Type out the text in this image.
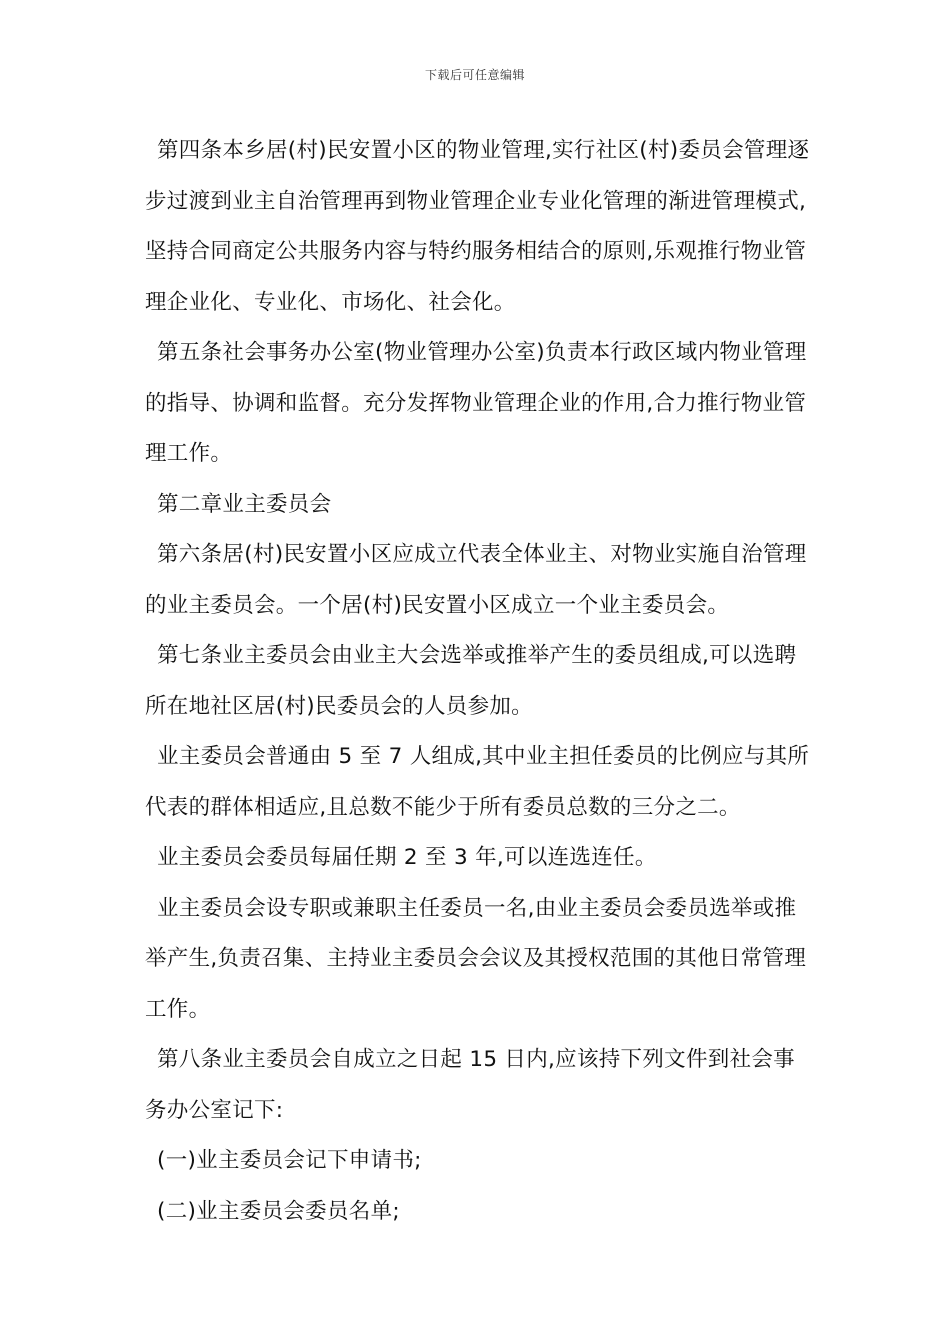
下载后可任意编辑

第四条本乡居(村)民安置小区的物业管理,实行社区(村)委员会管理逐步过渡到业主自治管理再到物业管理企业专业化管理的渐进管理模式,坚持合同商定公共服务内容与特约服务相结合的原则,乐观推行物业管理企业化、专业化、市场化、社会化。

第五条社会事务办公室(物业管理办公室)负责本行政区域内物业管理的指导、协调和监督。充分发挥物业管理企业的作用,合力推行物业管理工作。

第二章业主委员会

第六条居(村)民安置小区应成立代表全体业主、对物业实施自治管理的业主委员会。一个居(村)民安置小区成立一个业主委员会。

第七条业主委员会由业主大会选举或推举产生的委员组成,可以选聘所在地社区居(村)民委员会的人员参加。

业主委员会普通由 5 至 7 人组成,其中业主担任委员的比例应与其所代表的群体相适应,且总数不能少于所有委员总数的三分之二。

业主委员会委员每届任期 2 至 3 年,可以连选连任。

业主委员会设专职或兼职主任委员一名,由业主委员会委员选举或推举产生,负责召集、主持业主委员会会议及其授权范围的其他日常管理工作。

第八条业主委员会自成立之日起 15 日内,应该持下列文件到社会事务办公室记下:

(一)业主委员会记下申请书;

(二)业主委员会委员名单;
